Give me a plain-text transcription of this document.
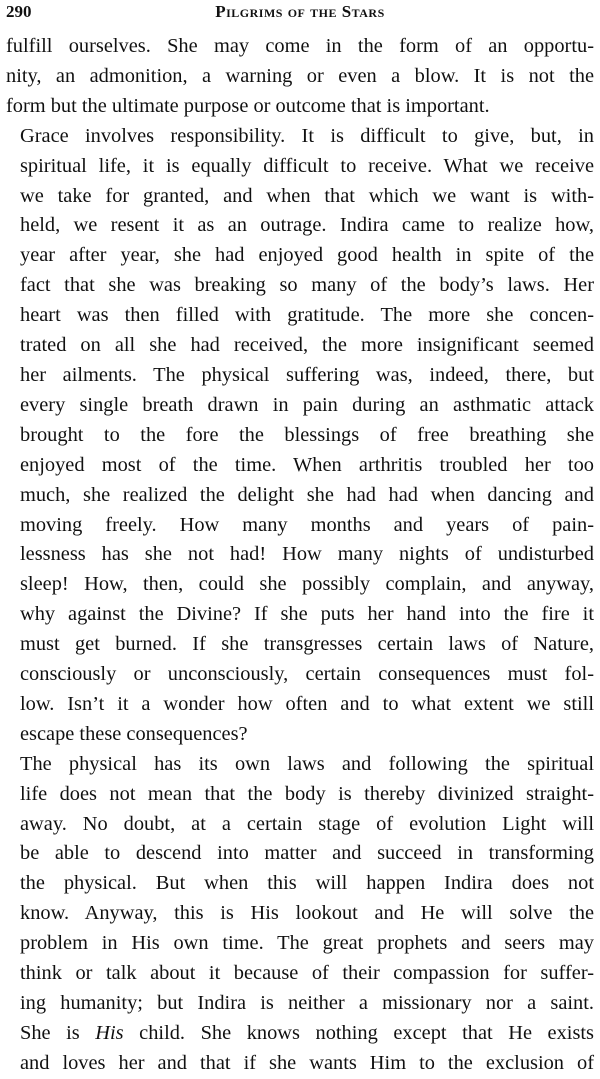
290	Pilgrims of the Stars

fulfill ourselves. She may come in the form of an opportu-
nity, an admonition, a warning or even a blow. It is not the
form but the ultimate purpose or outcome that is important.

Grace involves responsibility. It is difficult to give, but, in
spiritual life, it is equally difficult to receive. What we receive
we take for granted, and when that which we want is with-
held, we resent it as an outrage. Indira came to realize how,
year after year, she had enjoyed good health in spite of the
fact that she was breaking so many of the body’s laws. Her
heart was then filled with gratitude. The more she concen-
trated on all she had received, the more insignificant seemed
her ailments. The physical suffering was, indeed, there, but
every single breath drawn in pain during an asthmatic attack
brought to the fore the blessings of free breathing she
enjoyed most of the time. When arthritis troubled her too
much, she realized the delight she had had when dancing and
moving freely. How many months and years of pain-
lessness has she not had! How many nights of undisturbed
sleep! How, then, could she possibly complain, and anyway,
why against the Divine? If she puts her hand into the fire it
must get burned. If she transgresses certain laws of Nature,
consciously or unconsciously, certain consequences must fol-
low. Isn’t it a wonder how often and to what extent we still
escape these consequences?

The physical has its own laws and following the spiritual
life does not mean that the body is thereby divinized straight-
away. No doubt, at a certain stage of evolution Light will
be able to descend into matter and succeed in transforming
the physical. But when this will happen Indira does not
know. Anyway, this is His lookout and He will solve the
problem in His own time. The great prophets and seers may
think or talk about it because of their compassion for suffer-
ing humanity; but Indira is neither a missionary nor a saint.
She is His child. She knows nothing except that He exists
and loves her and that if she wants Him to the exclusion of
